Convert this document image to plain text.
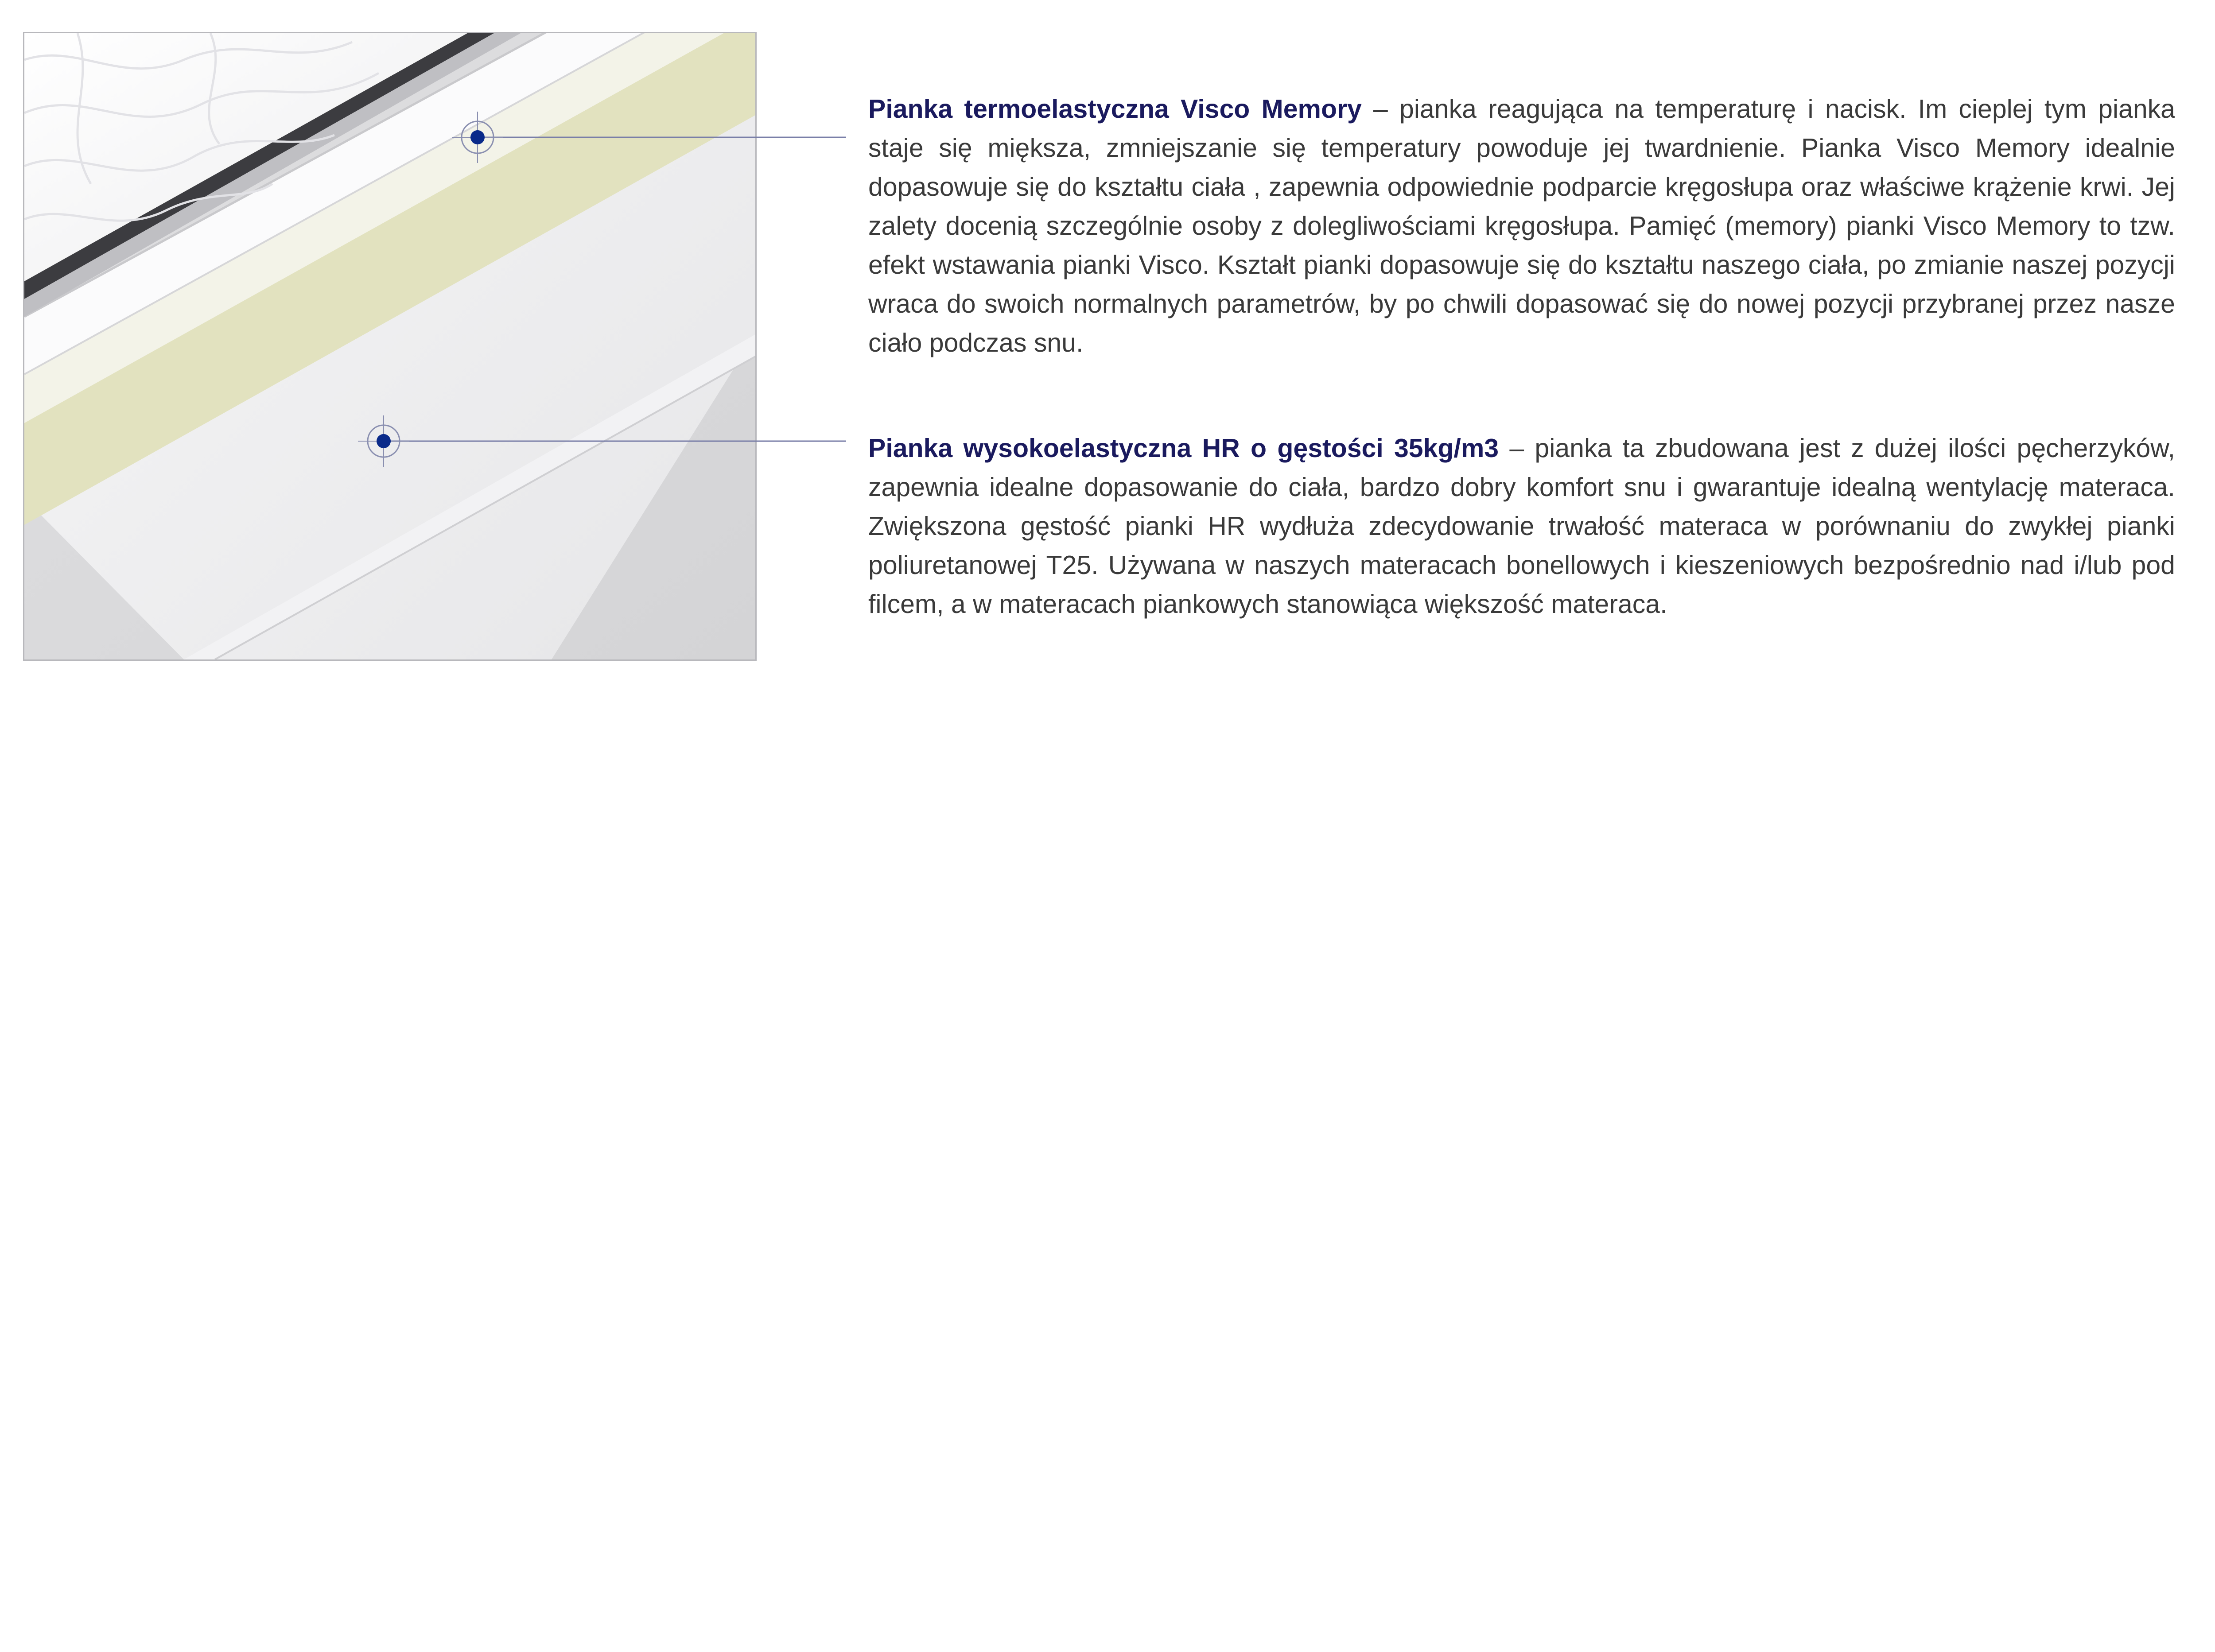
Pianka termoelastyczna Visco Memory – pianka reagująca na temperaturę i nacisk. Im cieplej tym pianka staje się miększa, zmniejszanie się temperatury powoduje jej twardnienie. Pianka Visco Memory idealnie dopasowuje się do kształtu ciała , zapewnia odpowiednie podparcie kręgosłupa oraz właściwe krążenie krwi. Jej zalety docenią szczególnie osoby z dolegliwościami kręgosłupa. Pamięć (memory) pianki Visco Memory to tzw. efekt wstawania pianki Visco. Kształt pianki dopasowuje się do kształtu naszego ciała, po zmianie naszej pozycji wraca do swoich normalnych parametrów, by po chwili dopasować się do nowej pozycji przybranej przez nasze ciało podczas snu.

Pianka wysokoelastyczna HR o gęstości 35kg/m3 – pianka ta zbudowana jest z dużej ilości pęcherzyków, zapewnia idealne dopasowanie do ciała, bardzo dobry komfort snu i gwarantuje idealną wentylację materaca. Zwiększona gęstość pianki HR wydłuża zdecydowanie trwałość materaca w porównaniu do zwykłej pianki poliuretanowej T25. Używana w naszych materacach bonellowych i kieszeniowych bezpośrednio nad i/lub pod filcem, a w materacach piankowych stanowiąca większość materaca.
